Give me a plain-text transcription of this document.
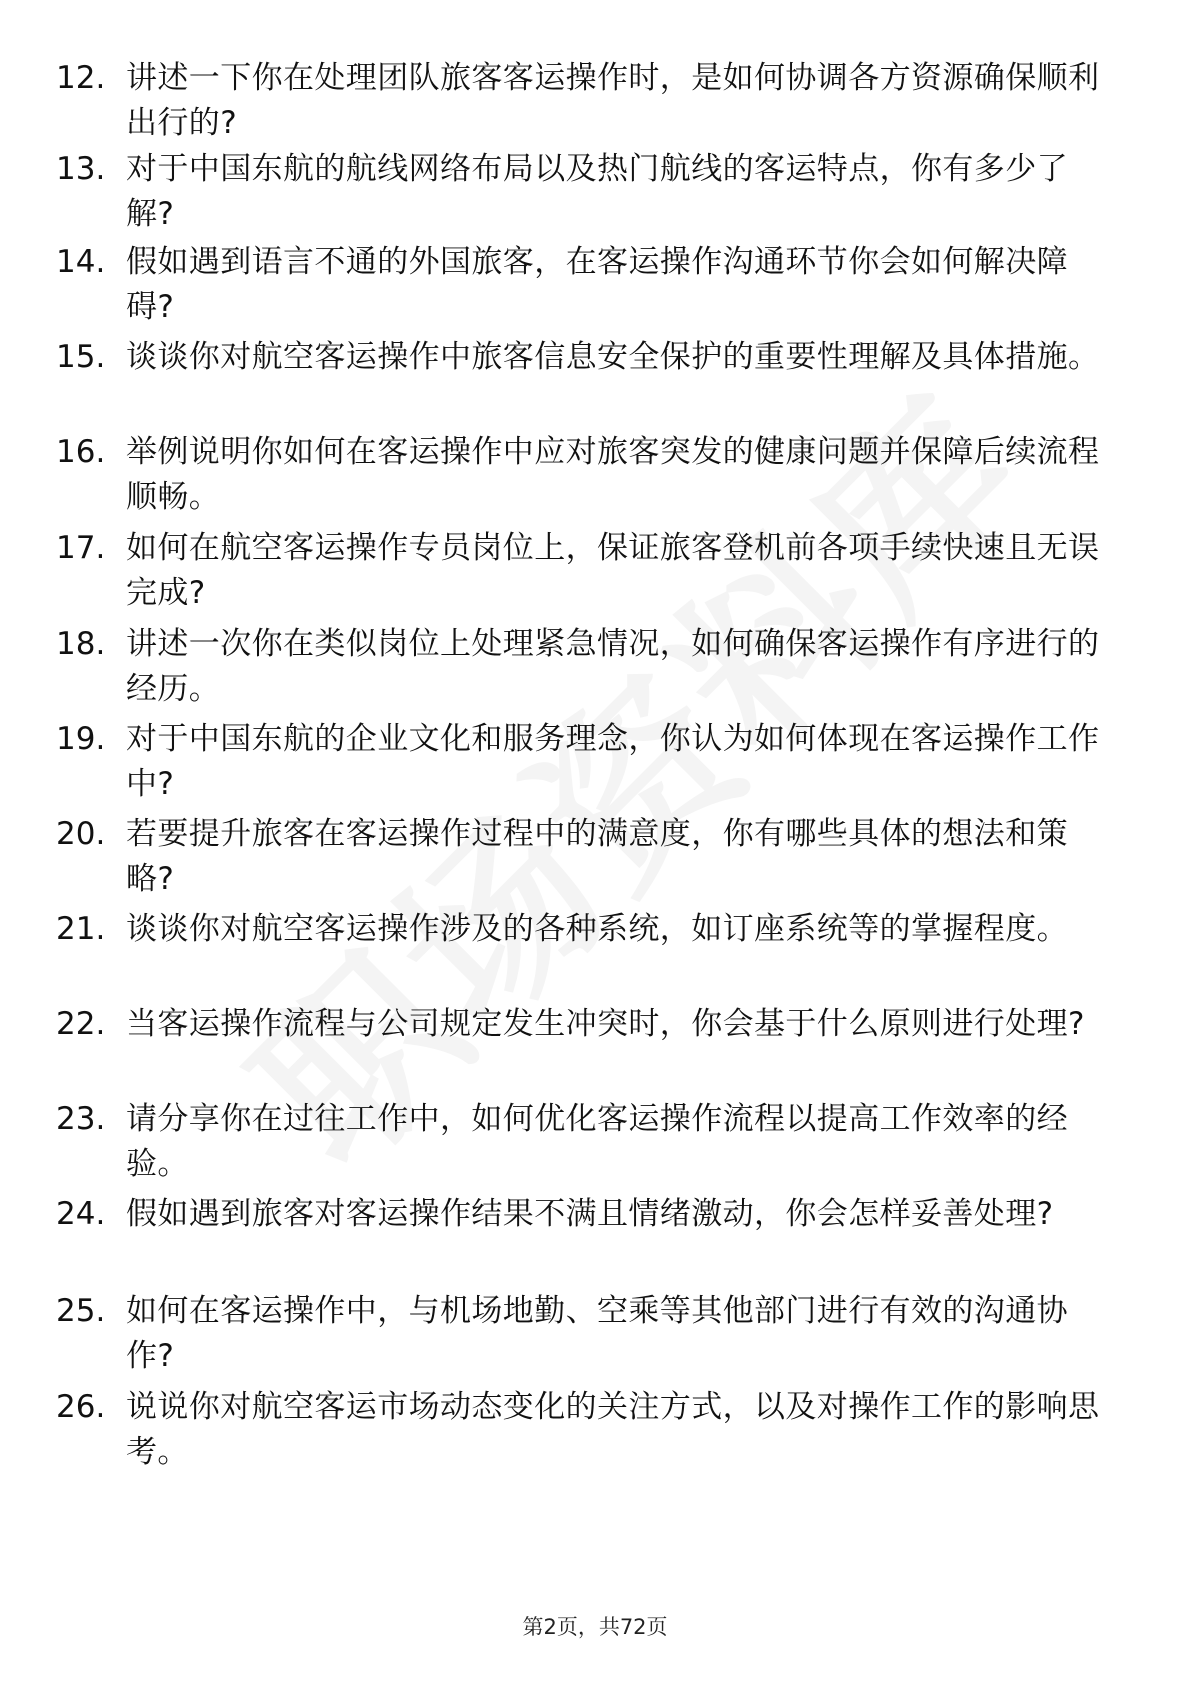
12. 讲述一下你在处理团队旅客客运操作时，是如何协调各方资源确保顺利出行的?
13. 对于中国东航的航线网络布局以及热门航线的客运特点，你有多少了解?
14. 假如遇到语言不通的外国旅客，在客运操作沟通环节你会如何解决障碍?
15. 谈谈你对航空客运操作中旅客信息安全保护的重要性理解及具体措施。
16. 举例说明你如何在客运操作中应对旅客突发的健康问题并保障后续流程顺畅。
17. 如何在航空客运操作专员岗位上，保证旅客登机前各项手续快速且无误完成?
18. 讲述一次你在类似岗位上处理紧急情况，如何确保客运操作有序进行的经历。
19. 对于中国东航的企业文化和服务理念，你认为如何体现在客运操作工作中?
20. 若要提升旅客在客运操作过程中的满意度，你有哪些具体的想法和策略?
21. 谈谈你对航空客运操作涉及的各种系统，如订座系统等的掌握程度。
22. 当客运操作流程与公司规定发生冲突时，你会基于什么原则进行处理?
23. 请分享你在过往工作中，如何优化客运操作流程以提高工作效率的经验。
24. 假如遇到旅客对客运操作结果不满且情绪激动，你会怎样妥善处理?
25. 如何在客运操作中，与机场地勤、空乘等其他部门进行有效的沟通协作?
26. 说说你对航空客运市场动态变化的关注方式，以及对操作工作的影响思考。
第2页，共72页
